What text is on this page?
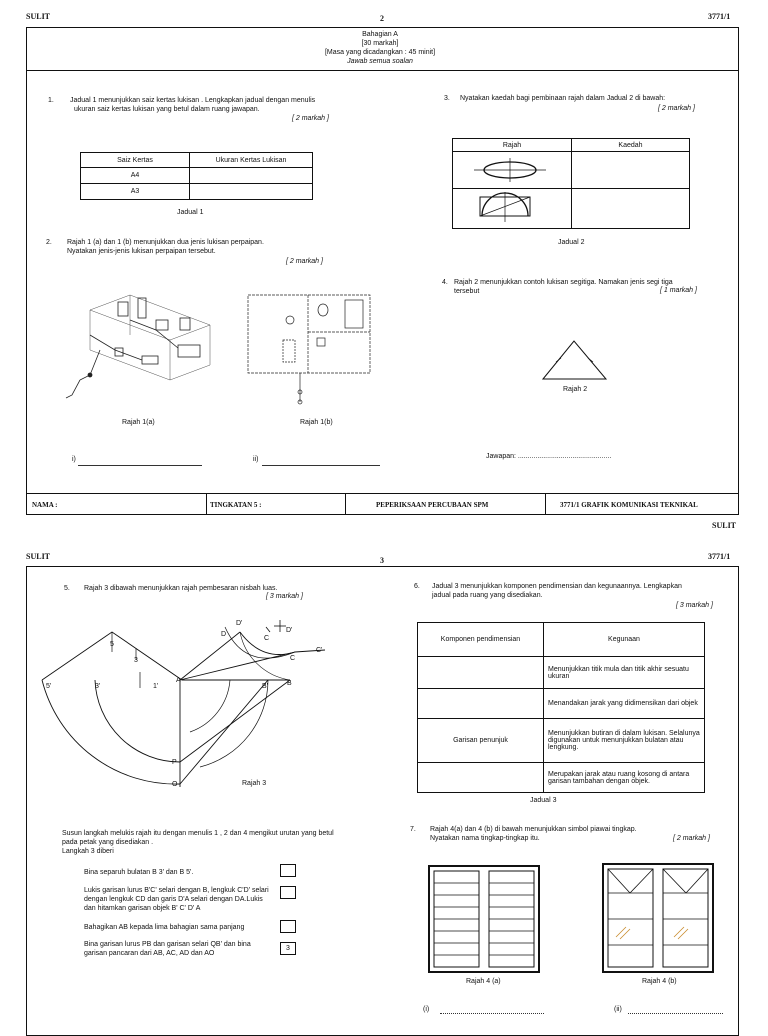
SULIT	2	3771/1
Bahagian A
[30 markah]
[Masa yang dicadangkan : 45 minit]
Jawab semua soalan
1. Jadual 1 menunjukkan saiz kertas lukisan . Lengkapkan jadual dengan menulis
ukuran saiz kertas lukisan yang betul dalam ruang jawapan.
[ 2 markah ]
Saiz Kertas	Ukuran Kertas Lukisan
A4	
A3	
Jadual 1
2. Rajah 1 (a) dan 1 (b) menunjukkan dua jenis lukisan perpaipan.
Nyatakan jenis-jenis lukisan perpaipan tersebut.
[ 2 markah ]
Rajah 1(a)	Rajah 1(b)
i)	ii)
3. Nyatakan kaedah bagi pembinaan rajah dalam Jadual 2 di bawah:
[ 2 markah ]
Rajah	Kaedah

Jadual 2
4. Rajah 2 menunjukkan contoh lukisan segitiga. Namakan jenis segi tiga
tersebut	[ 1 markah ]
Rajah 2
Jawapan: ................................................
NAMA :	TINGKATAN 5 :	PEPERIKSAAN PERCUBAAN SPM	3771/1 GRAFIK KOMUNIKASI TEKNIKAL
SULIT
SULIT	3	3771/1
5. Rajah 3 dibawah menunjukkan rajah pembesaran nisbah luas.
[ 3 markah ]
D'
D
D'
C
C'
C
5'	3'	1'
5
3
A
B'	B
P
O	Rajah 3
Susun langkah melukis rajah itu dengan menulis 1 , 2 dan 4 mengikut urutan yang betul
pada petak yang disediakan .
Langkah 3 diberi
Bina separuh bulatan B 3' dan B 5'.
Lukis garisan lurus B'C' selari dengan B, lengkuk C'D' selari dengan lengkuk CD dan garis D'A selari dengan DA.Lukis dan hitamkan garisan objek B' C' D' A
Bahagikan AB kepada lima bahagian sama panjang
Bina garisan lurus PB dan garisan selari QB' dan bina garisan pancaran dari AB, AC, AD dan AO
3
6. Jadual 3 menunjukkan komponen pendimensian dan kegunaannya. Lengkapkan
jadual pada ruang yang disediakan.
[ 3 markah ]
Komponen pendimensian	Kegunaan
	Menunjukkan titik mula dan titik akhir sesuatu ukuran
	Menandakan jarak yang didimensikan dari objek
Garisan penunjuk	Menunjukkan butiran di dalam lukisan. Selalunya digunakan untuk menunjukkan bulatan atau lengkung.
	Merupakan jarak atau ruang kosong di antara garisan tambahan dengan objek.
Jadual 3
7. Rajah 4(a) dan 4 (b) di bawah menunjukkan simbol piawai tingkap.
Nyatakan nama tingkap-tingkap itu.	[ 2 markah ]
Rajah 4 (a)	Rajah 4 (b)
(i)	(ii)
